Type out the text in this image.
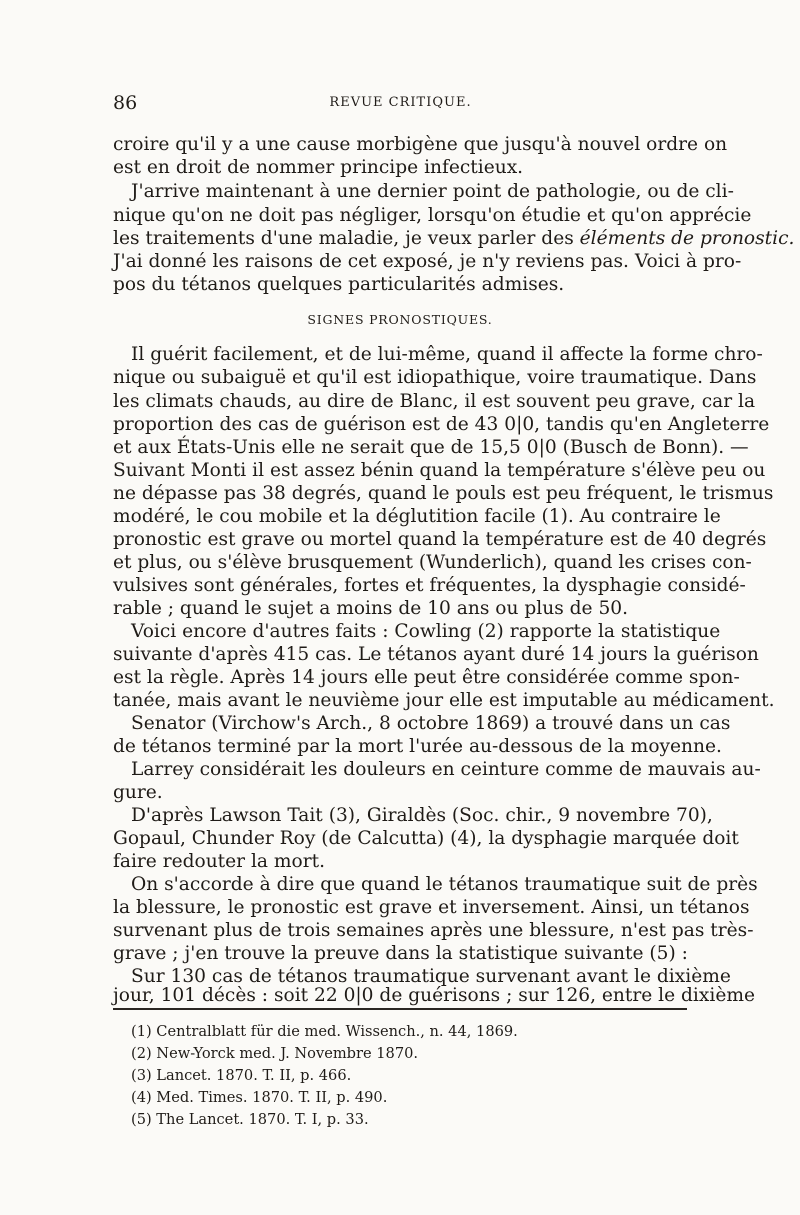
86	REVUE CRITIQUE.
croire qu'il y a une cause morbigène que jusqu'à nouvel ordre on
est en droit de nommer principe infectieux.
J'arrive maintenant à une dernier point de pathologie, ou de cli-
nique qu'on ne doit pas négliger, lorsqu'on étudie et qu'on apprécie
les traitements d'une maladie, je veux parler des éléments de pronostic.
J'ai donné les raisons de cet exposé, je n'y reviens pas. Voici à pro-
pos du tétanos quelques particularités admises.
SIGNES PRONOSTIQUES.
Il guérit facilement, et de lui-même, quand il affecte la forme chro-
nique ou subaiguë et qu'il est idiopathique, voire traumatique. Dans
les climats chauds, au dire de Blanc, il est souvent peu grave, car la
proportion des cas de guérison est de 43 0|0, tandis qu'en Angleterre
et aux États-Unis elle ne serait que de 15,5 0|0 (Busch de Bonn). —
Suivant Monti il est assez bénin quand la température s'élève peu ou
ne dépasse pas 38 degrés, quand le pouls est peu fréquent, le trismus
modéré, le cou mobile et la déglutition facile (1). Au contraire le
pronostic est grave ou mortel quand la température est de 40 degrés
et plus, ou s'élève brusquement (Wunderlich), quand les crises con-
vulsives sont générales, fortes et fréquentes, la dysphagie considé-
rable ; quand le sujet a moins de 10 ans ou plus de 50.
Voici encore d'autres faits : Cowling (2) rapporte la statistique
suivante d'après 415 cas. Le tétanos ayant duré 14 jours la guérison
est la règle. Après 14 jours elle peut être considérée comme spon-
tanée, mais avant le neuvième jour elle est imputable au médicament.
Senator (Virchow's Arch., 8 octobre 1869) a trouvé dans un cas
de tétanos terminé par la mort l'urée au-dessous de la moyenne.
Larrey considérait les douleurs en ceinture comme de mauvais au-
gure.
D'après Lawson Tait (3), Giraldès (Soc. chir., 9 novembre 70),
Gopaul, Chunder Roy (de Calcutta) (4), la dysphagie marquée doit
faire redouter la mort.
On s'accorde à dire que quand le tétanos traumatique suit de près
la blessure, le pronostic est grave et inversement. Ainsi, un tétanos
survenant plus de trois semaines après une blessure, n'est pas très-
grave ; j'en trouve la preuve dans la statistique suivante (5) :
Sur 130 cas de tétanos traumatique survenant avant le dixième
jour, 101 décès : soit 22 0|0 de guérisons ; sur 126, entre le dixième
(1) Centralblatt für die med. Wissench., n. 44, 1869.
(2) New-Yorck med. J. Novembre 1870.
(3) Lancet. 1870. T. II, p. 466.
(4) Med. Times. 1870. T. II, p. 490.
(5) The Lancet. 1870. T. I, p. 33.
